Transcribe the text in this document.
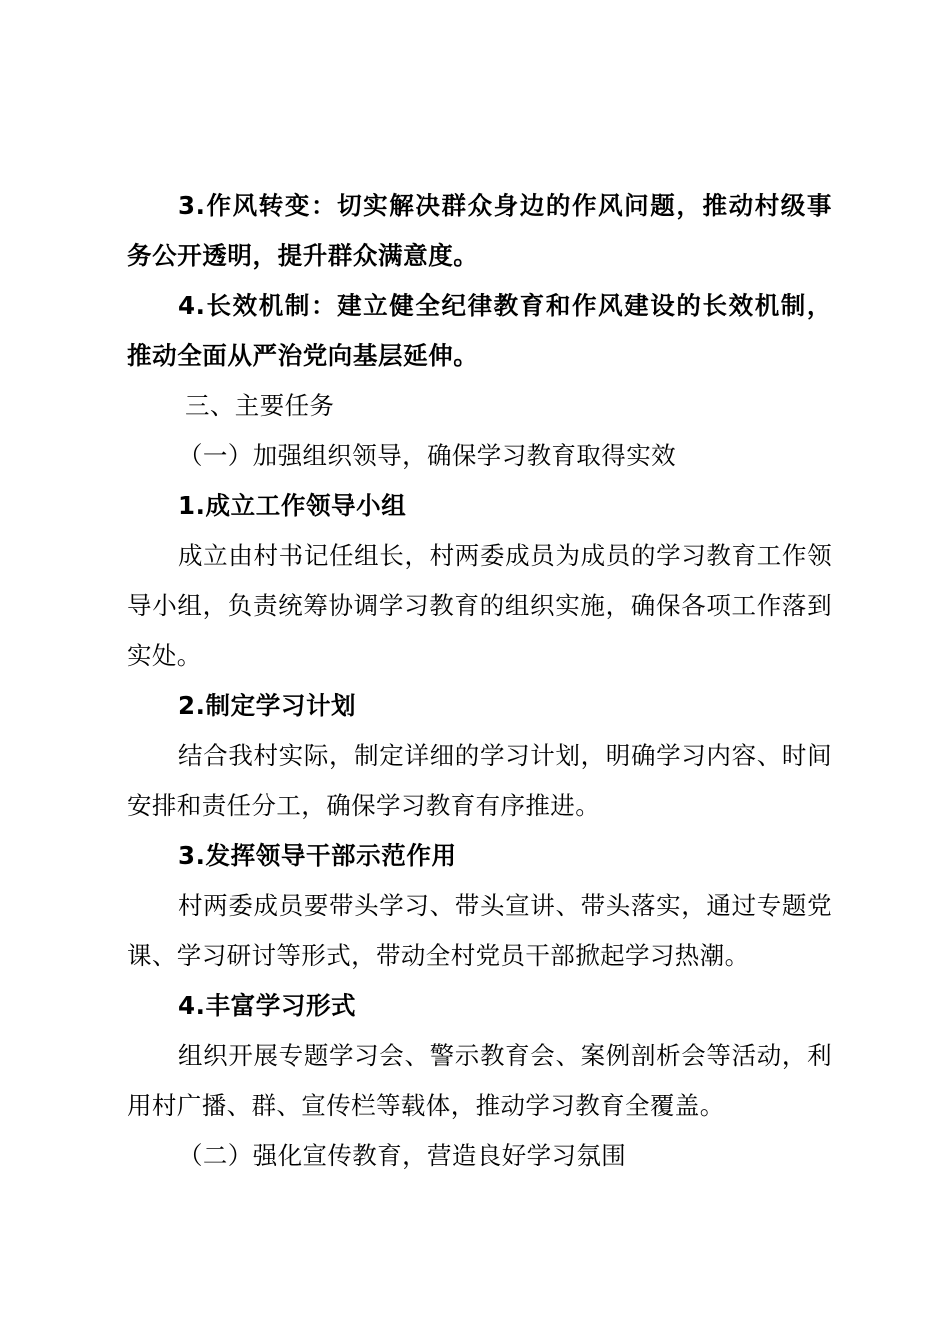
3.作风转变：切实解决群众身边的作风问题，推动村级事务公开透明，提升群众满意度。

4.长效机制：建立健全纪律教育和作风建设的长效机制，推动全面从严治党向基层延伸。

三、主要任务

（一）加强组织领导，确保学习教育取得实效

1.成立工作领导小组

成立由村书记任组长，村两委成员为成员的学习教育工作领导小组，负责统筹协调学习教育的组织实施，确保各项工作落到实处。

2.制定学习计划

结合我村实际，制定详细的学习计划，明确学习内容、时间安排和责任分工，确保学习教育有序推进。

3.发挥领导干部示范作用

村两委成员要带头学习、带头宣讲、带头落实，通过专题党课、学习研讨等形式，带动全村党员干部掀起学习热潮。

4.丰富学习形式

组织开展专题学习会、警示教育会、案例剖析会等活动，利用村广播、群、宣传栏等载体，推动学习教育全覆盖。

（二）强化宣传教育，营造良好学习氛围
